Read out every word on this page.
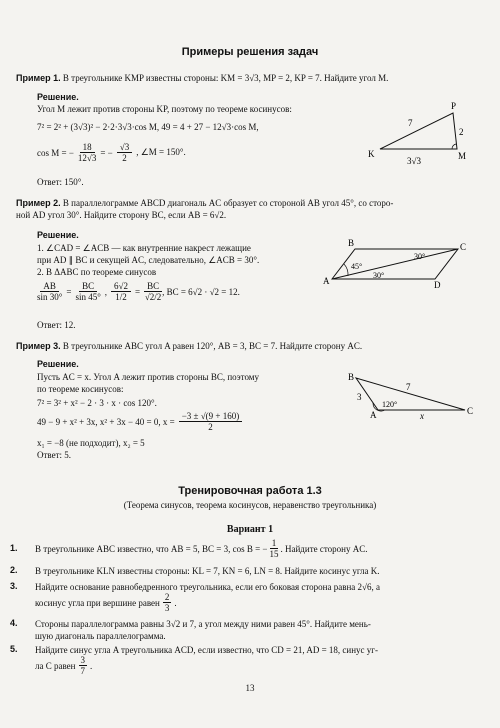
Примеры решения задач
Пример 1. В треугольнике KMP известны стороны: KM = 3√3, MP = 2, KP = 7. Найдите угол M.
Решение.
Угол M лежит против стороны KP, поэтому по теореме косинусов:
7² = 2² + (3√3)² − 2·2·3√3·cos M, 49 = 4 + 27 − 12√3·cos M,
cos M = − $\frac{18}{12√3}$ = − $\frac{√3}{2}$ , ∠M = 150°.
Ответ: 150°.
P
K	M
7
2
3√3
Пример 2. В параллелограмме ABCD диагональ AC образует со стороной AB угол 45°, со сторо-
ной AD угол 30°. Найдите сторону BC, если AB = 6√2.
Решение.
1. ∠CAD = ∠ACB — как внутренние накрест лежащие
при AD ∥ BC и секущей AC, следовательно, ∠ACB = 30°.
2. В ΔABC по теореме синусов
$\frac{AB}{\sin 30^\circ} = \frac{BC}{\sin 45^\circ}$ , $\frac{6√2}{1/2} = \frac{BC}{√2/2}$ , BC = 6√2 · √2 = 12.
Ответ: 12.
B	C
A	D
30°
45°
30°
Пример 3. В треугольнике ABC угол A равен 120°, AB = 3, BC = 7. Найдите сторону AC.
Решение.
Пусть AC = x. Угол A лежит против стороны BC, поэтому
по теореме косинусов:
7² = 3² + x² − 2 · 3 · x · cos 120°.
49 − 9 + x² + 3x, x² + 3x − 40 = 0, $x = \frac{-3 \pm √(9 + 160)}{2}$
x₁ = −8 (не подходит), x₂ = 5
Ответ: 5.
B
A	C
3
7
120°
x
Тренировочная работа 1.3
(Теорема синусов, теорема косинусов, неравенство треугольника)
Вариант 1
1. В треугольнике ABC известно, что AB = 5, BC = 3, cos B = − $\frac{1}{15}$ . Найдите сторону AC.
2. В треугольнике KLN известны стороны: KL = 7, KN = 6, LN = 8. Найдите косинус угла K.
3. Найдите основание равнобедренного треугольника, если его боковая сторона равна 2√6, а
косинус угла при вершине равен $\frac{2}{3}$ .
4. Стороны параллелограмма равны 3√2 и 7, а угол между ними равен 45°. Найдите мень-
шую диагональ параллелограмма.
5. Найдите синус угла A треугольника ACD, если известно, что CD = 21, AD = 18, синус уг-
ла C равен $\frac{3}{7}$ .
13
